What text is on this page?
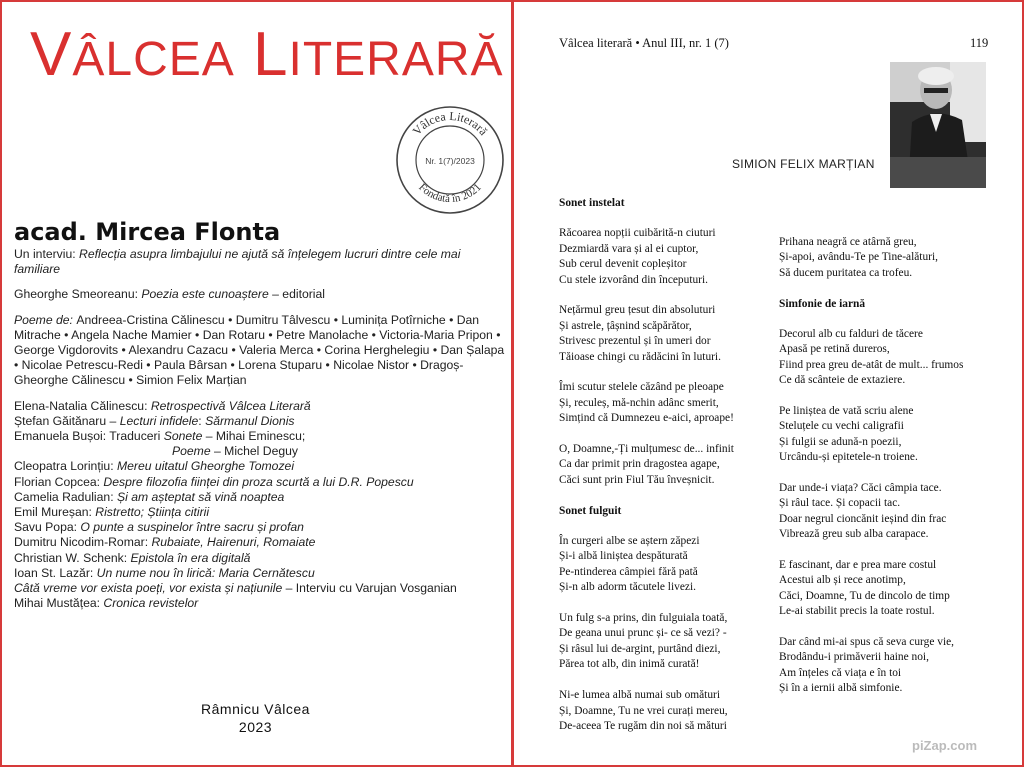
VÂLCEA LITERARĂ
Vâlcea Literară
Fondată în 2021
Nr. 1(7)/2023
acad. Mircea Flonta

Un interviu: Reflecția asupra limbajului ne ajută să înțelegem lucruri dintre cele mai familiare

Gheorghe Smeoreanu: Poezia este cunoaștere – editorial

Poeme de: Andreea-Cristina Călinescu • Dumitru Tâlvescu • Luminița Potîrniche • Dan Mitrache • Angela Nache Mamier • Dan Rotaru • Petre Manolache • Victoria-Maria Pripon • George Vigdorovits • Alexandru Cazacu • Valeria Merca • Corina Herghelegiu • Dan Șalapa • Nicolae Petrescu-Redi • Paula Bârsan • Lorena Stuparu • Nicolae Nistor • Dragoș-Gheorghe Călinescu • Simion Felix Marțian

Elena-Natalia Călinescu: Retrospectivă Vâlcea Literară

Ștefan Găitănaru – Lecturi infidele: Sărmanul Dionis

Emanuela Bușoi: Traduceri Sonete – Mihai Eminescu;

Poeme – Michel Deguy

Cleopatra Lorințiu: Mereu uitatul Gheorghe Tomozei

Florian Copcea: Despre filozofia ființei din proza scurtă a lui D.R. Popescu

Camelia Radulian: Și am așteptat să vină noaptea

Emil Mureșan: Ristretto; Știința citirii

Savu Popa: O punte a suspinelor între sacru și profan

Dumitru Nicodim-Romar: Rubaiate, Hairenuri, Romaiate

Christian W. Schenk: Epistola în era digitală

Ioan St. Lazăr: Un nume nou în lirică: Maria Cernătescu

Câtă vreme vor exista poeți, vor exista și națiunile – Interviu cu Varujan Vosganian

Mihai Mustățea: Cronica revistelor

Râmnicu Vâlcea
2023
Vâlcea literară • Anul III, nr. 1 (7)	119
SIMION FELIX MARȚIAN
Sonet instelat
Răcoarea nopții cuibărită-n ciuturi
Dezmiardă vara și al ei cuptor,
Sub cerul devenit copleșitor
Cu stele izvorând din începuturi.
Nețărmul greu țesut din absoluturi
Și astrele, țâșnind scăpărător,
Strivesc prezentul și în umeri dor
Tăioase chingi cu rădăcini în luturi.
Îmi scutur stelele căzând pe pleoape
Și, reculeș, mă-nchin adânc smerit,
Simțind că Dumnezeu e-aici, aproape!
O, Doamne,-Ți mulțumesc de... infinit
Ca dar primit prin dragostea agape,
Căci sunt prin Fiul Tău înveșnicit.
Sonet fulguit
În curgeri albe se aștern zăpezi
Și-i albă liniștea despăturată
Pe-ntinderea câmpiei fără pată
Și-n alb adorm tăcutele livezi.
Un fulg s-a prins, din fulguiala toată,
De geana unui prunc și- ce să vezi? -
Și râsul lui de-argint, purtând diezi,
Părea tot alb, din inimă curată!
Ni-e lumea albă numai sub omături
Și, Doamne, Tu ne vrei curați mereu,
De-aceea Te rugăm din noi să mături
Prihana neagră ce atârnă greu,
Și-apoi, avându-Te pe Tine-alături,
Să ducem puritatea ca trofeu.
Simfonie de iarnă
Decorul alb cu falduri de tăcere
Apasă pe retină dureros,
Fiind prea greu de-atât de mult... frumos
Ce dă scânteie de extaziere.
Pe liniștea de vată scriu alene
Steluțele cu vechi caligrafii
Și fulgii se adună-n poezii,
Urcându-și epitetele-n troiene.
Dar unde-i viața? Căci câmpia tace.
Și râul tace. Și copacii tac.
Doar negrul cioncănit ieșind din frac
Vibrează greu sub alba carapace.
E fascinant, dar e prea mare costul
Acestui alb și rece anotimp,
Căci, Doamne, Tu de dincolo de timp
Le-ai stabilit precis la toate rostul.
Dar când mi-ai spus că seva curge vie,
Brodându-i primăverii haine noi,
Am înțeles că viața e în toi
Și în a iernii albă simfonie.
piZap.com
